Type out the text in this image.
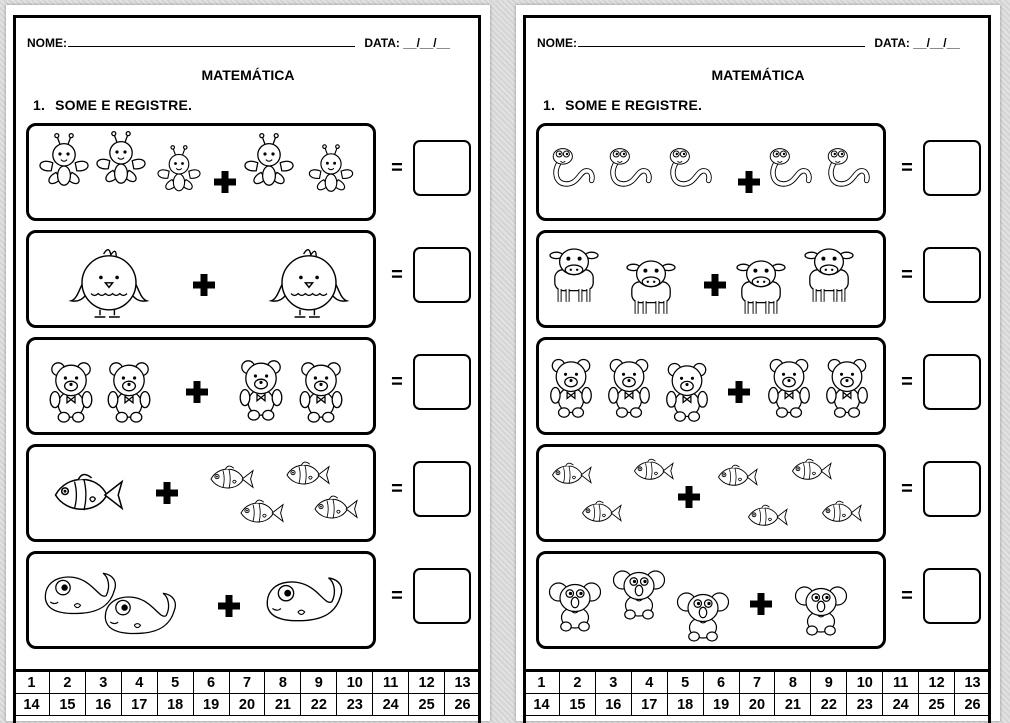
NOME:	DATA: __/__/__
MATEMÁTICA
1. SOME E REGISTRE.
=
=
=
=
=
1	2	3	4	5	6	7	8	9	10	11	12	13
14	15	16	17	18	19	20	21	22	23	24	25	26
NOME:	DATA: __/__/__
MATEMÁTICA
1. SOME E REGISTRE.
=
=
=
=
=
1	2	3	4	5	6	7	8	9	10	11	12	13
14	15	16	17	18	19	20	21	22	23	24	25	26
